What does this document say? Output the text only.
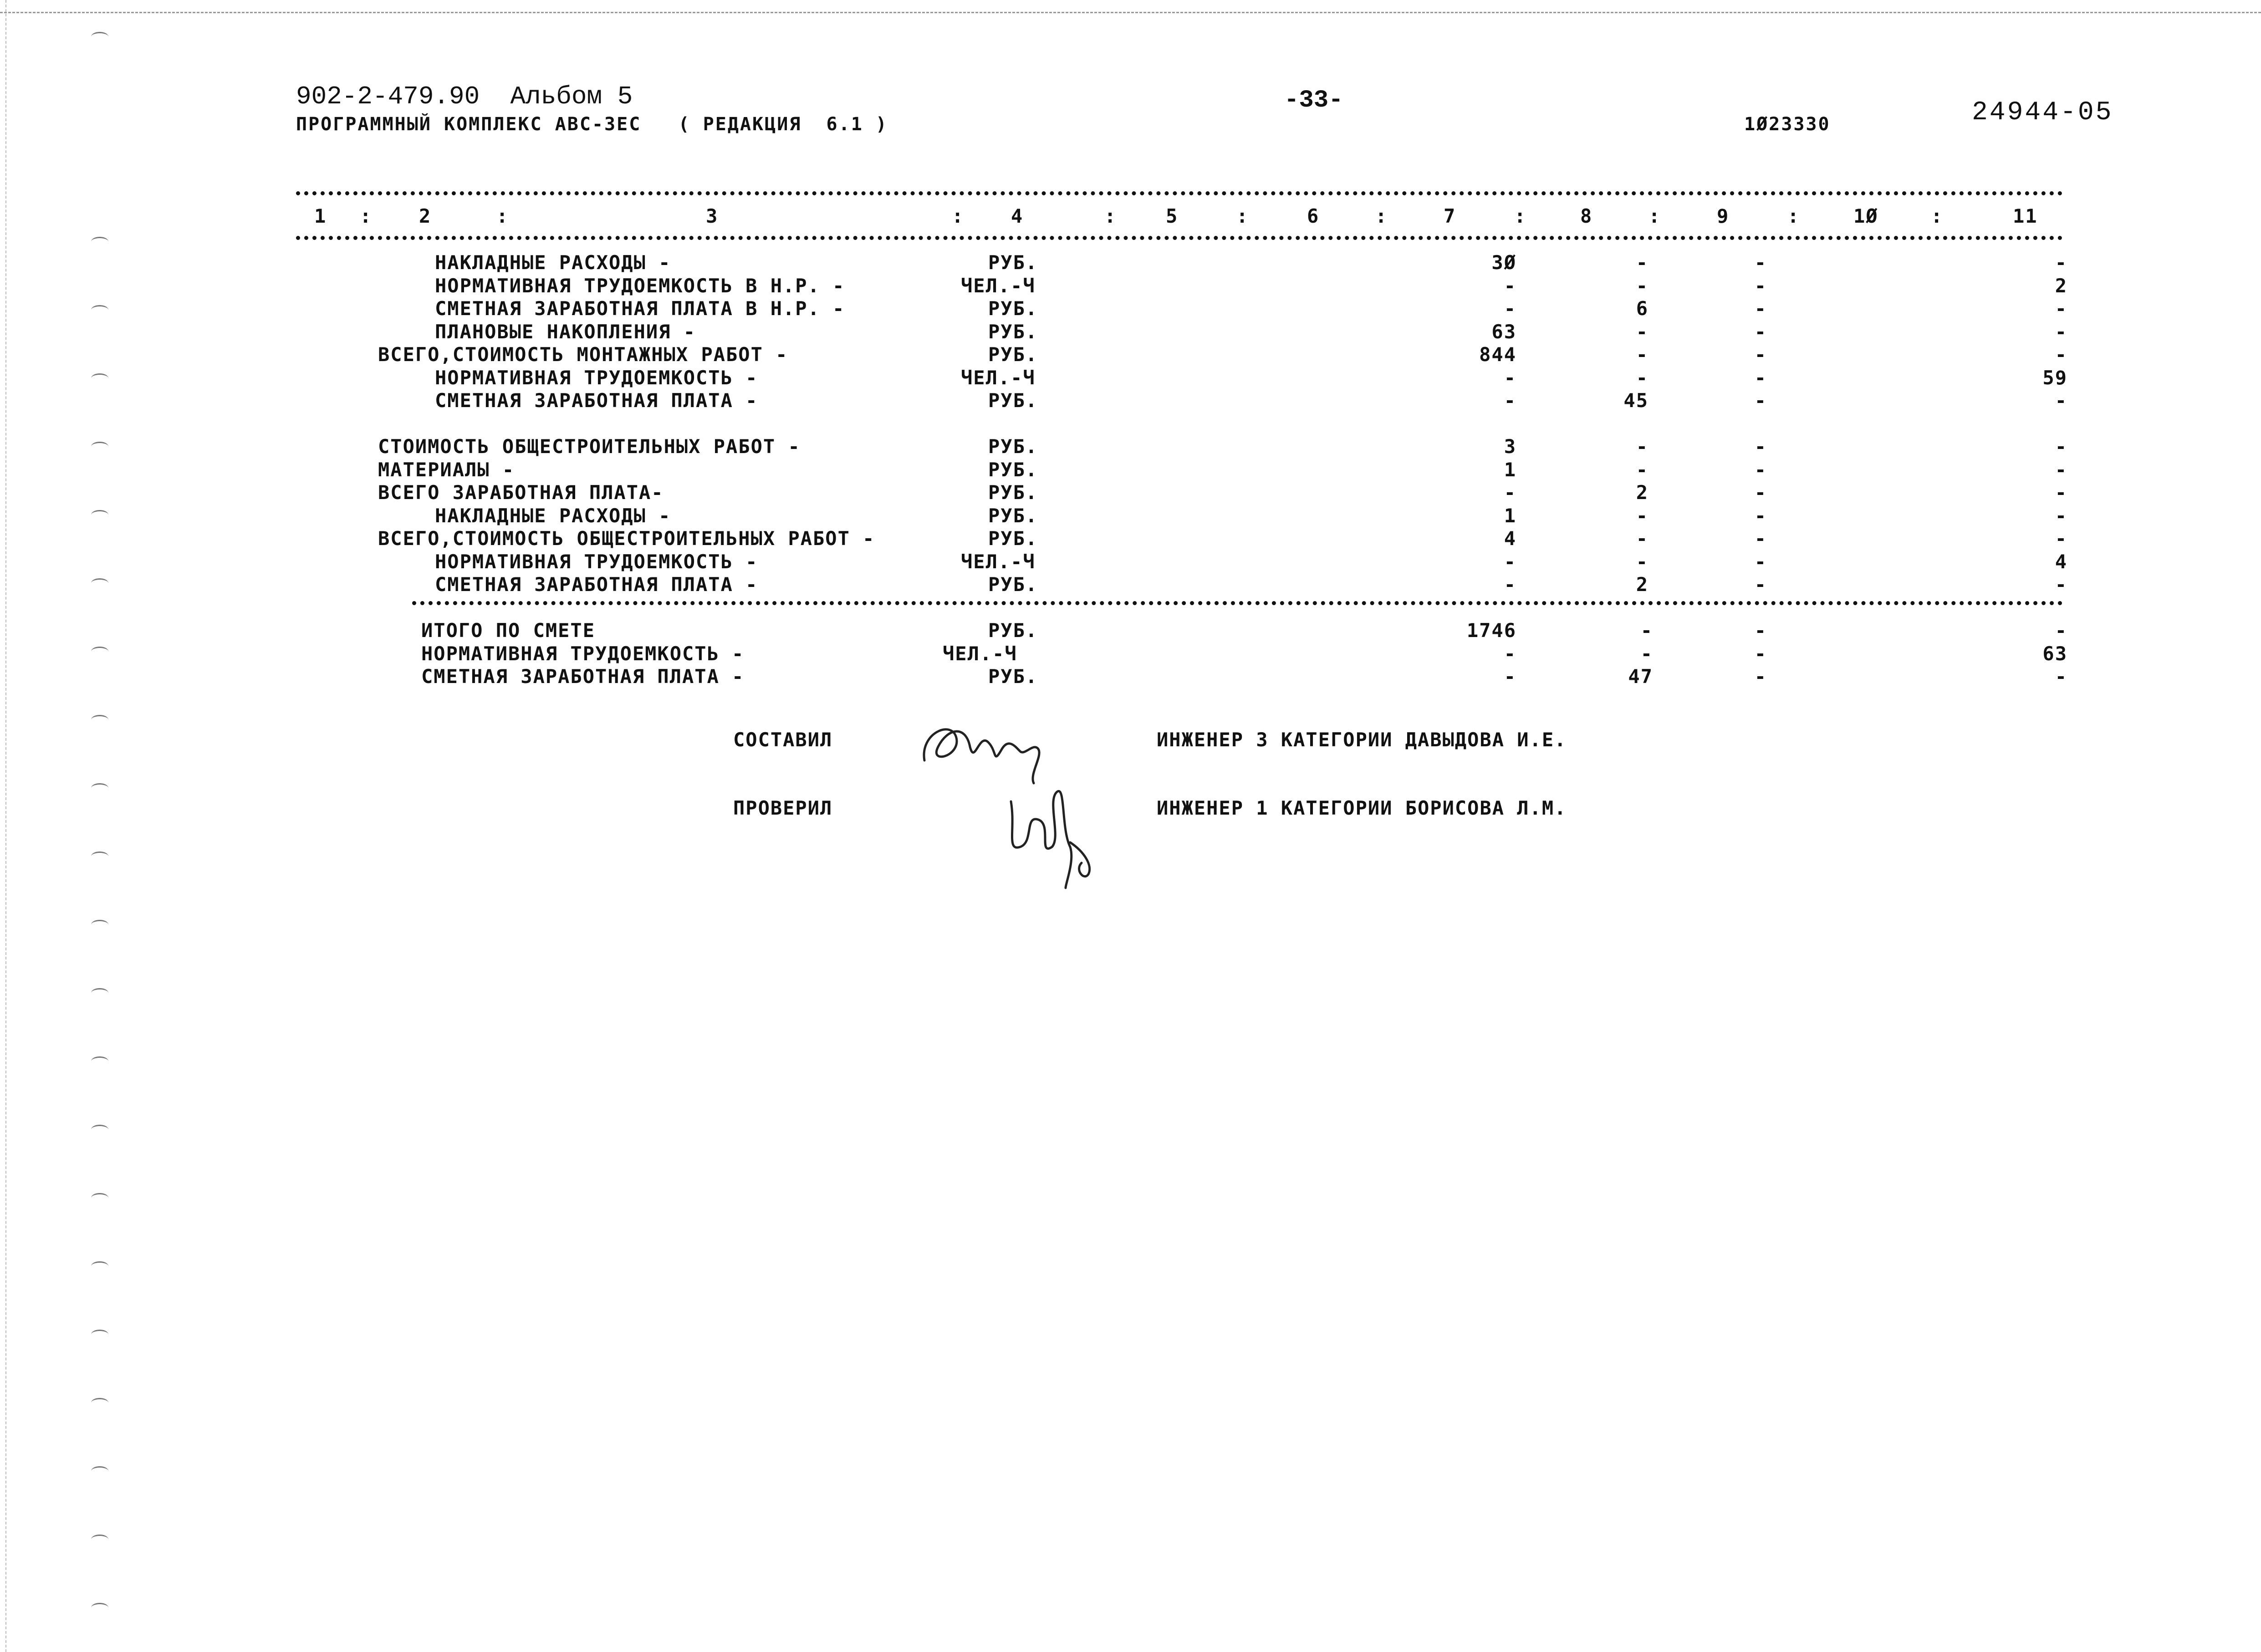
902-2-479.90  Альбом 5
ПРОГРАММНЫЙ КОМПЛЕКС АВС-3ЕС   ( РЕДАКЦИЯ  6.1 )
-33-
1Ø23330	24944-05
1	2	3	4	5	6	7	8	9	1Ø	11
:	:	:	:	:	:	:	:	:	:
НАКЛАДНЫЕ РАСХОДЫ -	РУБ.	3Ø	-	-	-
НОРМАТИВНАЯ ТРУДОЕМКОСТЬ В Н.Р. -	ЧЕЛ.-Ч	-	-	-	2
СМЕТНАЯ ЗАРАБОТНАЯ ПЛАТА В Н.Р. -	РУБ.	-	6	-	-
ПЛАНОВЫЕ НАКОПЛЕНИЯ -	РУБ.	63	-	-	-
ВСЕГО,СТОИМОСТЬ МОНТАЖНЫХ РАБОТ -	РУБ.	844	-	-	-
НОРМАТИВНАЯ ТРУДОЕМКОСТЬ -	ЧЕЛ.-Ч	-	-	-	59
СМЕТНАЯ ЗАРАБОТНАЯ ПЛАТА -	РУБ.	-	45	-	-
СТОИМОСТЬ ОБЩЕСТРОИТЕЛЬНЫХ РАБОТ -	РУБ.	3	-	-	-
МАТЕРИАЛЫ -	РУБ.	1	-	-	-
ВСЕГО ЗАРАБОТНАЯ ПЛАТА-	РУБ.	-	2	-	-
НАКЛАДНЫЕ РАСХОДЫ -	РУБ.	1	-	-	-
ВСЕГО,СТОИМОСТЬ ОБЩЕСТРОИТЕЛЬНЫХ РАБОТ -	РУБ.	4	-	-	-
НОРМАТИВНАЯ ТРУДОЕМКОСТЬ -	ЧЕЛ.-Ч	-	-	-	4
СМЕТНАЯ ЗАРАБОТНАЯ ПЛАТА -	РУБ.	-	2	-	-
ИТОГО ПО СМЕТЕ	РУБ.	1746	-	-	-
НОРМАТИВНАЯ ТРУДОЕМКОСТЬ -	ЧЕЛ.-Ч	-	-	-	63
СМЕТНАЯ ЗАРАБОТНАЯ ПЛАТА -	РУБ.	-	47	-	-
СОСТАВИЛ	ИНЖЕНЕР 3 КАТЕГОРИИ ДАВЫДОВА И.Е.
ПРОВЕРИЛ	ИНЖЕНЕР 1 КАТЕГОРИИ БОРИСОВА Л.М.
